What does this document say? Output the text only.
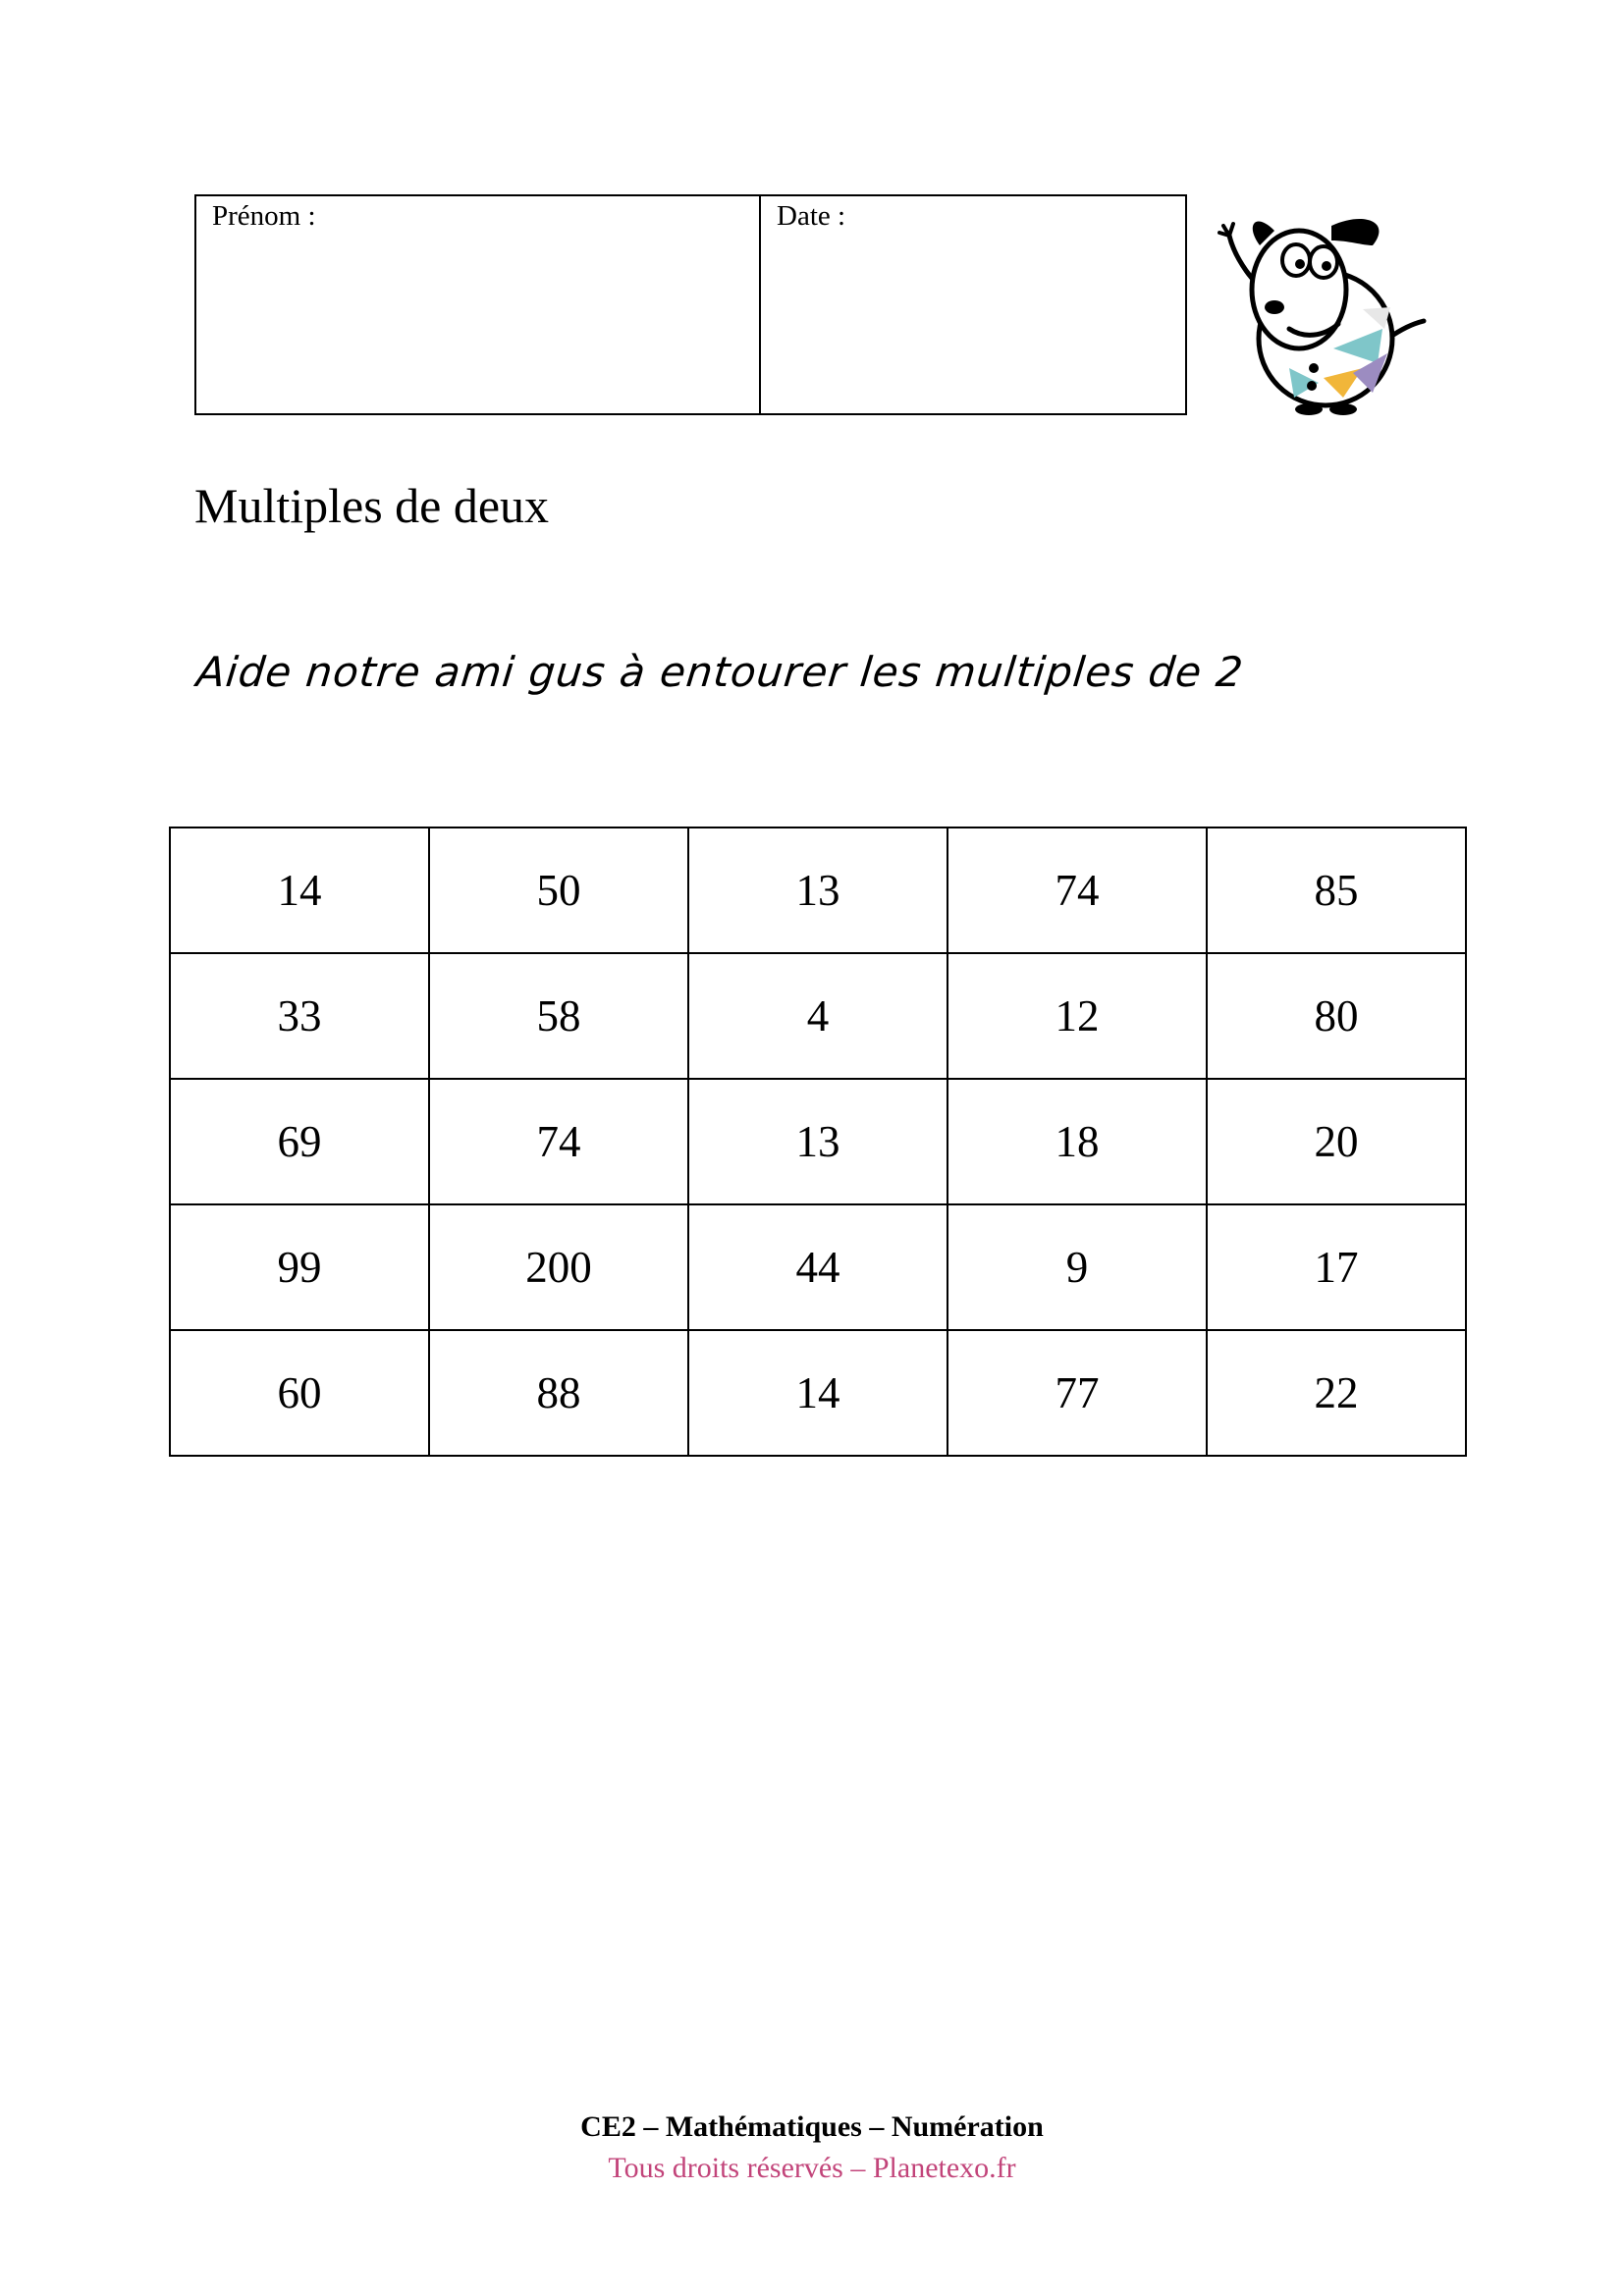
Prénom :	Date :
Multiples de deux
Aide notre ami gus à entourer les multiples de 2
14	50	13	74	85
33	58	4	12	80
69	74	13	18	20
99	200	44	9	17
60	88	14	77	22
CE2 – Mathématiques – Numération
Tous droits réservés – Planetexo.fr
